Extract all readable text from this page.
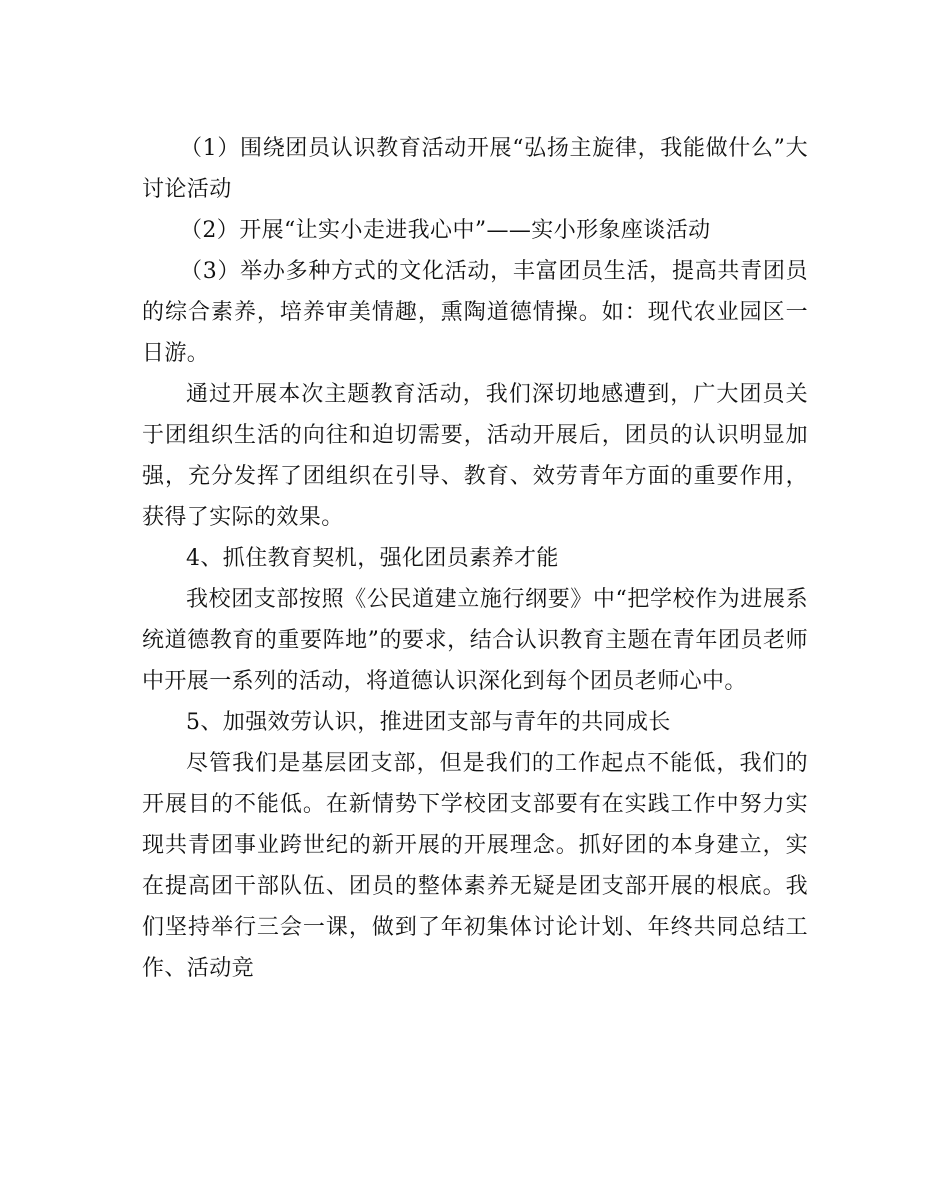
（1）围绕团员认识教育活动开展“弘扬主旋律，我能做什么”大讨论活动

（2）开展“让实小走进我心中”——实小形象座谈活动

（3）举办多种方式的文化活动，丰富团员生活，提高共青团员的综合素养，培养审美情趣，熏陶道德情操。如：现代农业园区一日游。

通过开展本次主题教育活动，我们深切地感遭到，广大团员关于团组织生活的向往和迫切需要，活动开展后，团员的认识明显加强，充分发挥了团组织在引导、教育、效劳青年方面的重要作用，获得了实际的效果。

4、抓住教育契机，强化团员素养才能

我校团支部按照《公民道建立施行纲要》中“把学校作为进展系统道德教育的重要阵地”的要求，结合认识教育主题在青年团员老师中开展一系列的活动，将道德认识深化到每个团员老师心中。

5、加强效劳认识，推进团支部与青年的共同成长

尽管我们是基层团支部，但是我们的工作起点不能低，我们的开展目的不能低。在新情势下学校团支部要有在实践工作中努力实现共青团事业跨世纪的新开展的开展理念。抓好团的本身建立，实在提高团干部队伍、团员的整体素养无疑是团支部开展的根底。我们坚持举行三会一课，做到了年初集体讨论计划、年终共同总结工作、活动竞
